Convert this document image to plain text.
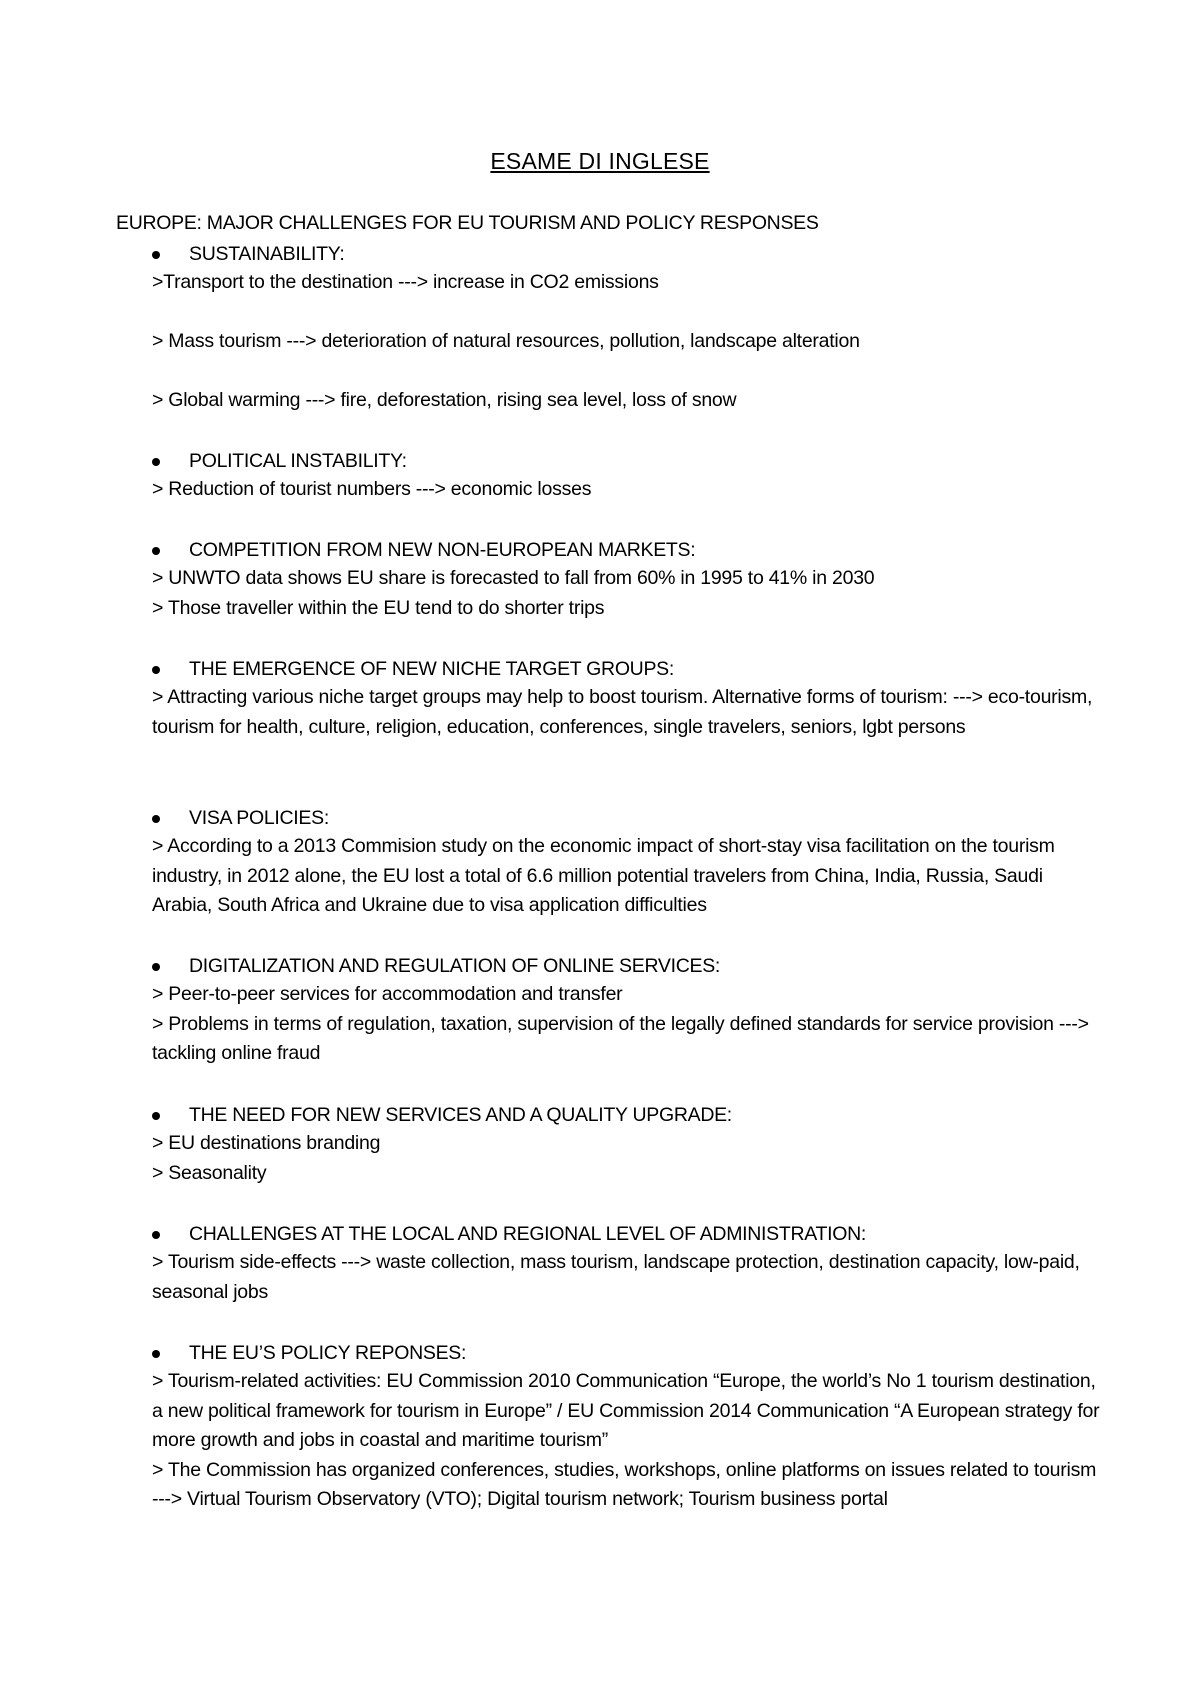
ESAME DI INGLESE
EUROPE: MAJOR CHALLENGES FOR EU TOURISM AND POLICY RESPONSES
SUSTAINABILITY:
>Transport to the destination ---> increase in CO2 emissions
> Mass tourism ---> deterioration of natural resources, pollution, landscape alteration
> Global warming ---> fire, deforestation, rising sea level, loss of snow
POLITICAL INSTABILITY:
> Reduction of tourist numbers ---> economic losses
COMPETITION FROM NEW NON-EUROPEAN MARKETS:
> UNWTO data shows EU share is forecasted to fall from 60% in 1995 to 41% in 2030
> Those traveller within the EU tend to do shorter trips
THE EMERGENCE OF NEW NICHE TARGET GROUPS:
> Attracting various niche target groups may help to boost tourism. Alternative forms of tourism: ---> eco-tourism, tourism for health, culture, religion, education, conferences, single travelers, seniors, lgbt persons
VISA POLICIES:
> According to a 2013 Commision study on the economic impact of short-stay visa facilitation on the tourism industry, in 2012 alone, the EU lost a total of 6.6 million potential travelers from China, India, Russia, Saudi Arabia, South Africa and Ukraine due to visa application difficulties
DIGITALIZATION AND REGULATION OF ONLINE SERVICES:
> Peer-to-peer services for accommodation and transfer
> Problems in terms of regulation, taxation, supervision of the legally defined standards for service provision ---> tackling online fraud
THE NEED FOR NEW SERVICES AND A QUALITY UPGRADE:
> EU destinations branding
> Seasonality
CHALLENGES AT THE LOCAL AND REGIONAL LEVEL OF ADMINISTRATION:
> Tourism side-effects ---> waste collection, mass tourism, landscape protection, destination capacity, low-paid, seasonal jobs
THE EU’S POLICY REPONSES:
> Tourism-related activities: EU Commission 2010 Communication “Europe, the world’s No 1 tourism destination, a new political framework for tourism in Europe” / EU Commission 2014 Communication “A European strategy for more growth and jobs in coastal and maritime tourism”
> The Commission has organized conferences, studies, workshops, online platforms on issues related to tourism ---> Virtual Tourism Observatory (VTO); Digital tourism network; Tourism business portal
